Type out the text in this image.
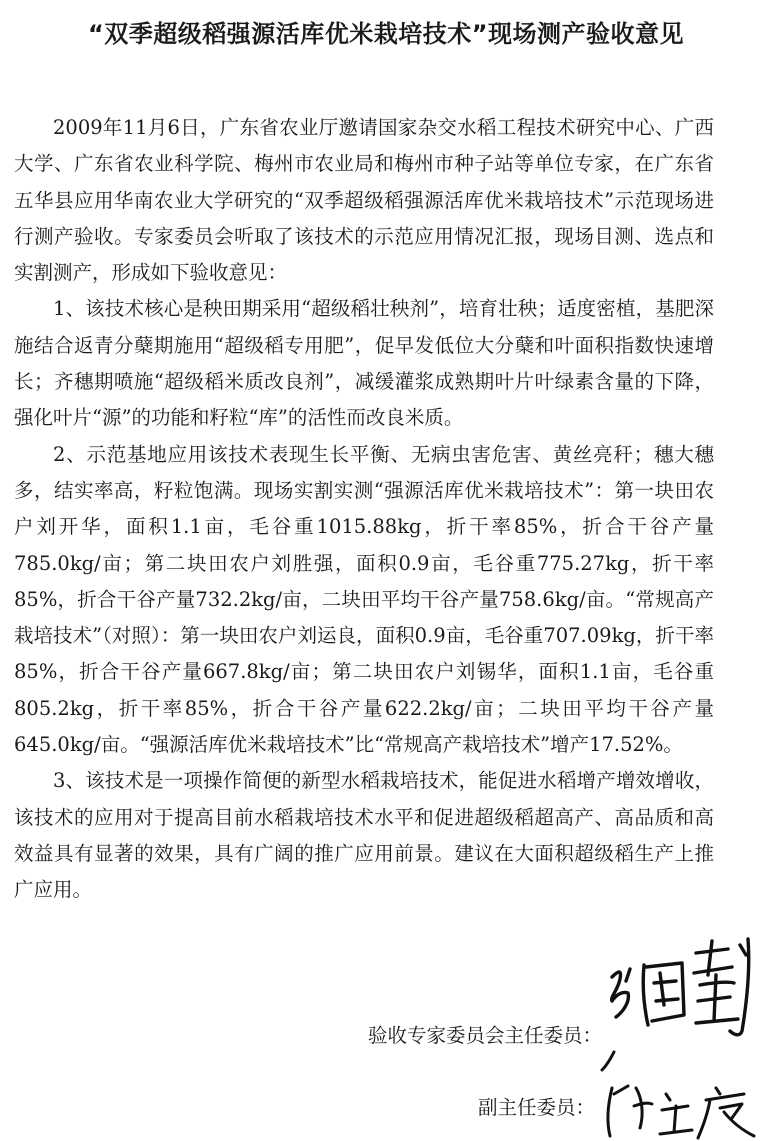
“双季超级稻强源活库优米栽培技术”现场测产验收意见

2009年11月6日，广东省农业厅邀请国家杂交水稻工程技术研究中心、广西大学、广东省农业科学院、梅州市农业局和梅州市种子站等单位专家，在广东省五华县应用华南农业大学研究的“双季超级稻强源活库优米栽培技术”示范现场进行测产验收。专家委员会听取了该技术的示范应用情况汇报，现场目测、选点和实割测产，形成如下验收意见：

1、该技术核心是秧田期采用“超级稻壮秧剂”，培育壮秧；适度密植，基肥深施结合返青分蘖期施用“超级稻专用肥”，促早发低位大分蘖和叶面积指数快速增长；齐穗期喷施“超级稻米质改良剂”，减缓灌浆成熟期叶片叶绿素含量的下降，强化叶片“源”的功能和籽粒“库”的活性而改良米质。

2、示范基地应用该技术表现生长平衡、无病虫害危害、黄丝亮秆；穗大穗多，结实率高，籽粒饱满。现场实割实测“强源活库优米栽培技术”：第一块田农户刘开华，面积1.1亩，毛谷重1015.88kg，折干率85%，折合干谷产量785.0kg/亩；第二块田农户刘胜强，面积0.9亩，毛谷重775.27kg，折干率85%，折合干谷产量732.2kg/亩，二块田平均干谷产量758.6kg/亩。“常规高产栽培技术”（对照）：第一块田农户刘运良，面积0.9亩，毛谷重707.09kg，折干率85%，折合干谷产量667.8kg/亩；第二块田农户刘锡华，面积1.1亩，毛谷重805.2kg，折干率85%，折合干谷产量622.2kg/亩；二块田平均干谷产量645.0kg/亩。“强源活库优米栽培技术”比“常规高产栽培技术”增产17.52%。

3、该技术是一项操作简便的新型水稻栽培技术，能促进水稻增产增效增收，该技术的应用对于提高目前水稻栽培技术水平和促进超级稻超高产、高品质和高效益具有显著的效果，具有广阔的推广应用前景。建议在大面积超级稻生产上推广应用。

验收专家委员会主任委员：
副主任委员：
